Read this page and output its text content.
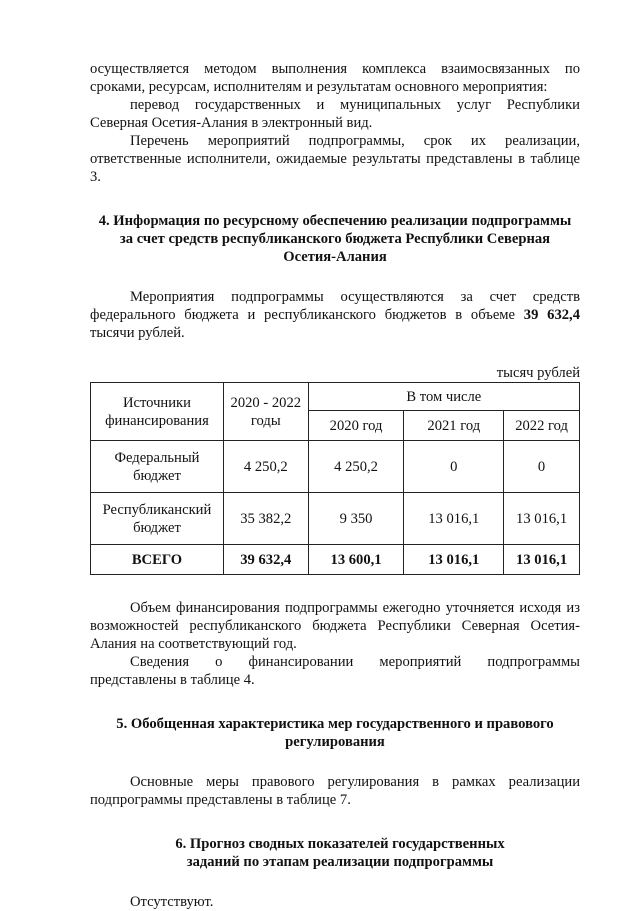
осуществляется методом выполнения комплекса взаимосвязанных по сроками, ресурсам, исполнителям и результатам основного мероприятия:

перевод государственных и муниципальных услуг Республики Северная Осетия-Алания в электронный вид.

Перечень мероприятий подпрограммы, срок их реализации, ответственные исполнители, ожидаемые результаты представлены в таблице 3.

4. Информация по ресурсному обеспечению реализации подпрограммы за счет средств республиканского бюджета Республики Северная Осетия-Алания

Мероприятия подпрограммы осуществляются за счет средств федерального бюджета и республиканского бюджетов в объеме 39 632,4 тысячи рублей.

тысяч рублей

Источники финансирования	2020 - 2022 годы	В том числе		
		2020 год	2021 год	2022 год
Федеральный бюджет	4 250,2	4 250,2	0	0
Республиканский бюджет	35 382,2	9 350	13 016,1	13 016,1
ВСЕГО	39 632,4	13 600,1	13 016,1	13 016,1

Объем финансирования подпрограммы ежегодно уточняется исходя из возможностей республиканского бюджета Республики Северная Осетия-Алания на соответствующий год.

Сведения о финансировании мероприятий подпрограммы представлены в таблице 4.

5. Обобщенная характеристика мер государственного и правового регулирования

Основные меры правового регулирования в рамках реализации подпрограммы представлены в таблице 7.

6. Прогноз сводных показателей государственных заданий по этапам реализации подпрограммы

Отсутствуют.
